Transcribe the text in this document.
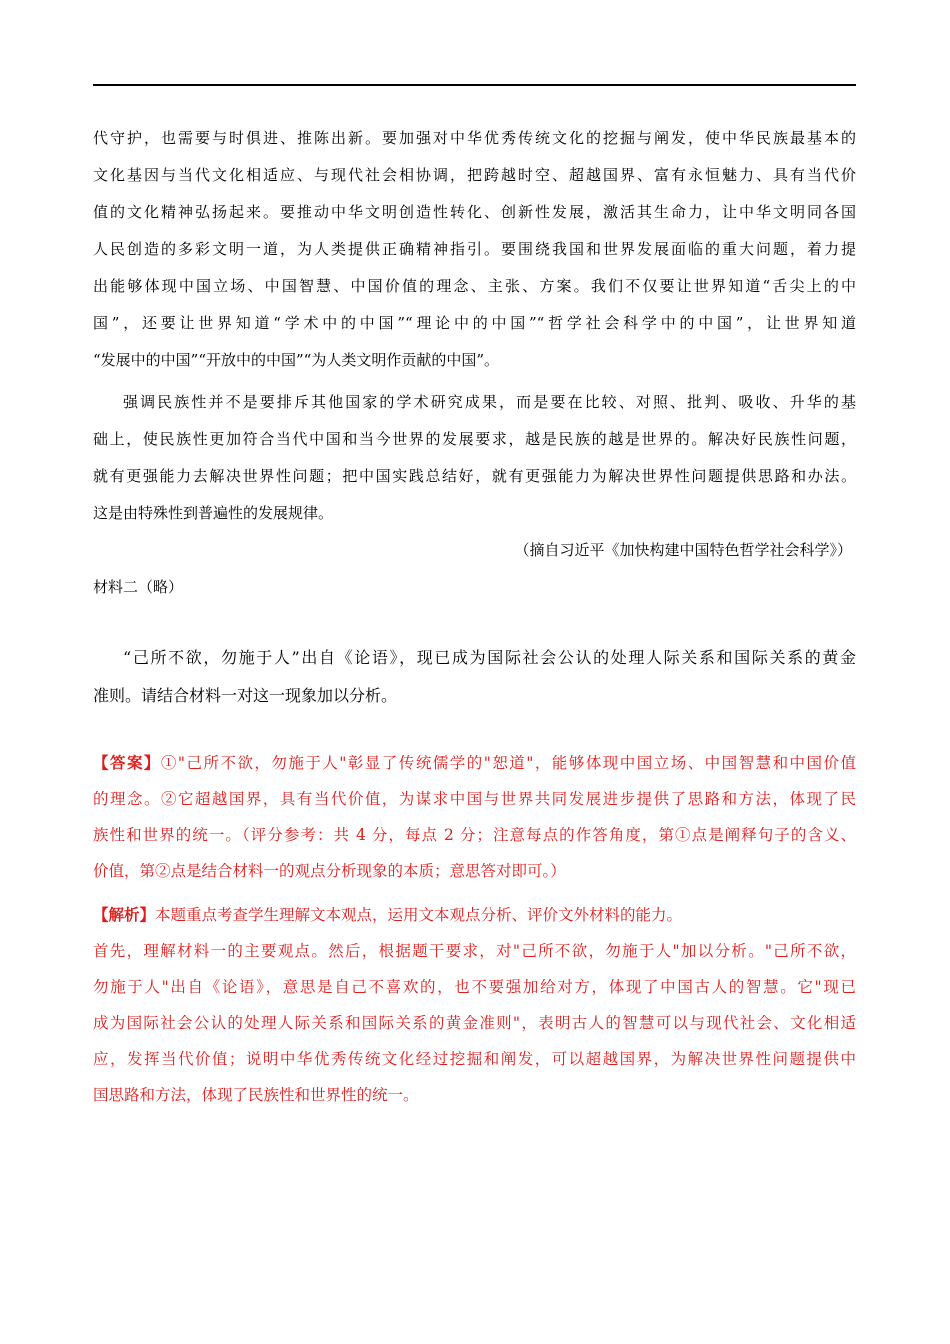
代守护，也需要与时俱进、推陈出新。要加强对中华优秀传统文化的挖掘与阐发，使中华民族最基本的
文化基因与当代文化相适应、与现代社会相协调，把跨越时空、超越国界、富有永恒魅力、具有当代价
值的文化精神弘扬起来。要推动中华文明创造性转化、创新性发展，激活其生命力，让中华文明同各国
人民创造的多彩文明一道，为人类提供正确精神指引。要围绕我国和世界发展面临的重大问题，着力提
出能够体现中国立场、中国智慧、中国价值的理念、主张、方案。我们不仅要让世界知道“舌尖上的中
国”，还要让世界知道“学术中的中国”“理论中的中国”“哲学社会科学中的中国”，让世界知道
“发展中的中国”“开放中的中国”“为人类文明作贡献的中国”。
强调民族性并不是要排斥其他国家的学术研究成果，而是要在比较、对照、批判、吸收、升华的基
础上，使民族性更加符合当代中国和当今世界的发展要求，越是民族的越是世界的。解决好民族性问题，
就有更强能力去解决世界性问题；把中国实践总结好，就有更强能力为解决世界性问题提供思路和办法。
这是由特殊性到普遍性的发展规律。
（摘自习近平《加快构建中国特色哲学社会科学》）
材料二（略）
“己所不欲，勿施于人”出自《论语》，现已成为国际社会公认的处理人际关系和国际关系的黄金
准则。请结合材料一对这一现象加以分析。
【答案】①"己所不欲，勿施于人"彰显了传统儒学的"恕道"，能够体现中国立场、中国智慧和中国价值
的理念。②它超越国界，具有当代价值，为谋求中国与世界共同发展进步提供了思路和方法，体现了民
族性和世界的统一。（评分参考：共 4 分，每点 2 分；注意每点的作答角度，第①点是阐释句子的含义、
价值，第②点是结合材料一的观点分析现象的本质；意思答对即可。）
【解析】本题重点考查学生理解文本观点，运用文本观点分析、评价文外材料的能力。
首先，理解材料一的主要观点。然后，根据题干要求，对"己所不欲，勿施于人"加以分析。"己所不欲，
勿施于人"出自《论语》，意思是自己不喜欢的，也不要强加给对方，体现了中国古人的智慧。它"现已
成为国际社会公认的处理人际关系和国际关系的黄金准则"，表明古人的智慧可以与现代社会、文化相适
应，发挥当代价值；说明中华优秀传统文化经过挖掘和阐发，可以超越国界，为解决世界性问题提供中
国思路和方法，体现了民族性和世界性的统一。
